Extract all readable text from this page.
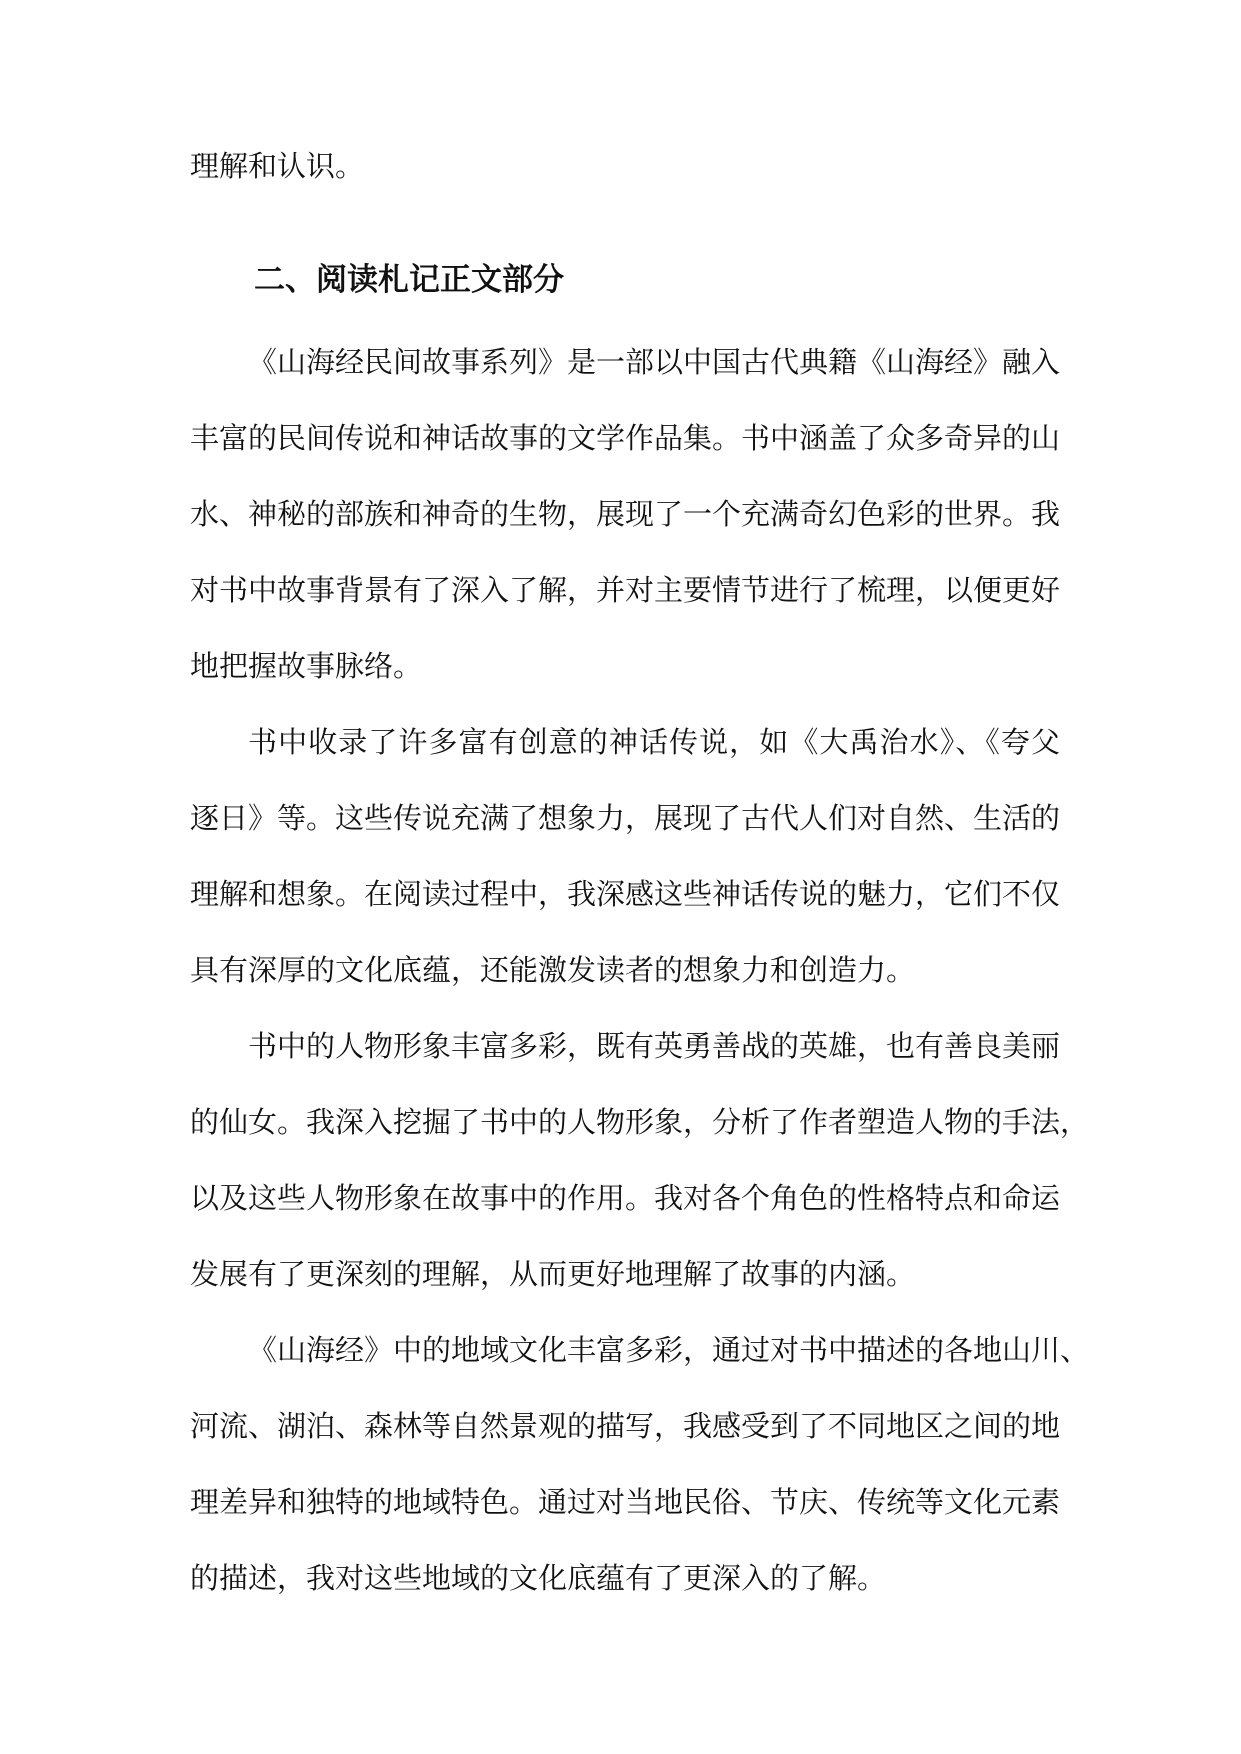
理解和认识。
二、阅读札记正文部分
《山海经民间故事系列》是一部以中国古代典籍《山海经》融入
丰富的民间传说和神话故事的文学作品集。书中涵盖了众多奇异的山
水、神秘的部族和神奇的生物，展现了一个充满奇幻色彩的世界。我
对书中故事背景有了深入了解，并对主要情节进行了梳理，以便更好
地把握故事脉络。
书中收录了许多富有创意的神话传说，如《大禹治水》、《夸父
逐日》等。这些传说充满了想象力，展现了古代人们对自然、生活的
理解和想象。在阅读过程中，我深感这些神话传说的魅力，它们不仅
具有深厚的文化底蕴，还能激发读者的想象力和创造力。
书中的人物形象丰富多彩，既有英勇善战的英雄，也有善良美丽
的仙女。我深入挖掘了书中的人物形象，分析了作者塑造人物的手法，
以及这些人物形象在故事中的作用。我对各个角色的性格特点和命运
发展有了更深刻的理解，从而更好地理解了故事的内涵。
《山海经》中的地域文化丰富多彩，通过对书中描述的各地山川、
河流、湖泊、森林等自然景观的描写，我感受到了不同地区之间的地
理差异和独特的地域特色。通过对当地民俗、节庆、传统等文化元素
的描述，我对这些地域的文化底蕴有了更深入的了解。
